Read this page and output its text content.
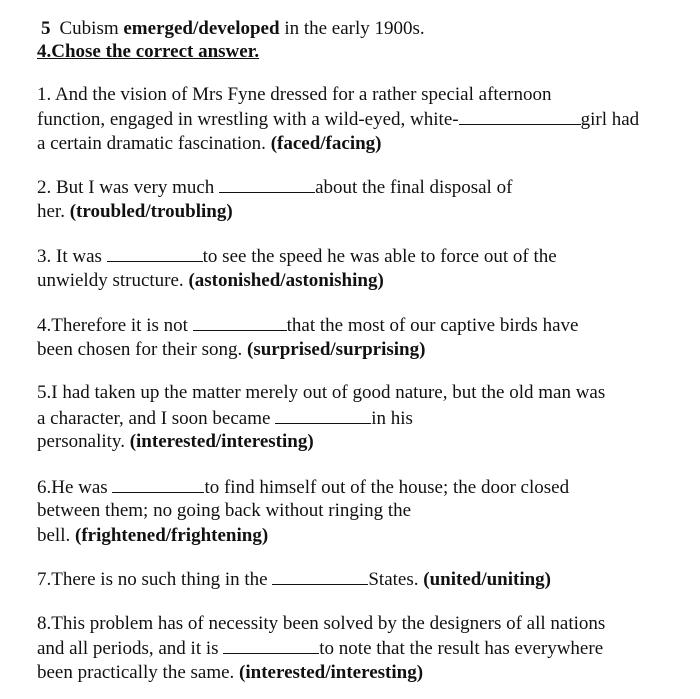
5 Cubism emerged/developed in the early 1900s.
4.Chose the correct answer.
1. And the vision of Mrs Fyne dressed for a rather special afternoon
function, engaged in wrestling with a wild-eyed, white-	girl had
a certain dramatic fascination. (faced/facing)
2. But I was very much	about the final disposal of
her. (troubled/troubling)
3. It was	to see the speed he was able to force out of the
unwieldy structure. (astonished/astonishing)
4.Therefore it is not	that the most of our captive birds have
been chosen for their song. (surprised/surprising)
5.I had taken up the matter merely out of good nature, but the old man was
a character, and I soon became	in his
personality. (interested/interesting)
6.He was	to find himself out of the house; the door closed
between them; no going back without ringing the
bell. (frightened/frightening)
7.There is no such thing in the	States. (united/uniting)
8.This problem has of necessity been solved by the designers of all nations
and all periods, and it is	to note that the result has everywhere
been practically the same. (interested/interesting)
